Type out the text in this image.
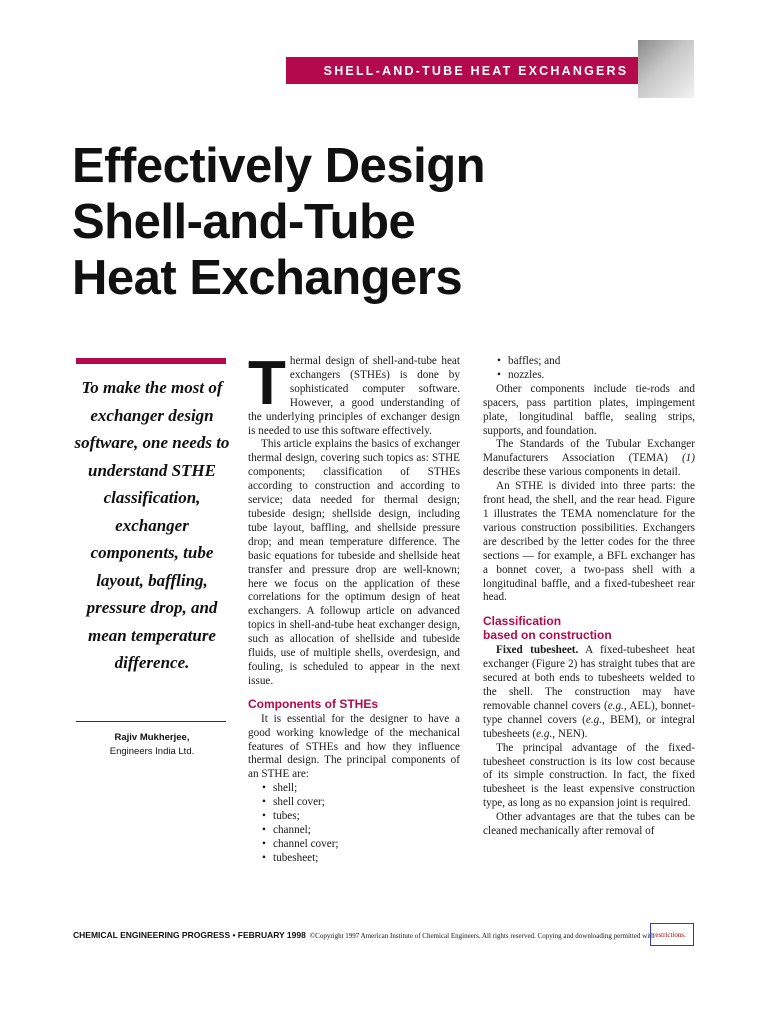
SHELL-AND-TUBE HEAT EXCHANGERS
Effectively Design
Shell-and-Tube
Heat Exchangers
To make the most of exchanger design software, one needs to understand STHE classification, exchanger components, tube layout, baffling, pressure drop, and mean temperature difference.
Rajiv Mukherjee,
Engineers India Ltd.

Thermal design of shell-and-tube heat exchangers (STHEs) is done by sophisticated computer software. However, a good understanding of the underlying principles of exchanger design is needed to use this software effectively.

This article explains the basics of exchanger thermal design, covering such topics as: STHE components; classification of STHEs according to construction and according to service; data needed for thermal design; tubeside design; shellside design, including tube layout, baffling, and shellside pressure drop; and mean temperature difference. The basic equations for tubeside and shellside heat transfer and pressure drop are well-known; here we focus on the application of these correlations for the optimum design of heat exchangers. A followup article on advanced topics in shell-and-tube heat exchanger design, such as allocation of shellside and tubeside fluids, use of multiple shells, overdesign, and fouling, is scheduled to appear in the next issue.

Components of STHEs

It is essential for the designer to have a good working knowledge of the mechanical features of STHEs and how they influence thermal design. The principal components of an STHE are:

• shell;
• shell cover;
• tubes;
• channel;
• channel cover;
• tubesheet;
• baffles; and
• nozzles.

Other components include tie-rods and spacers, pass partition plates, impingement plate, longitudinal baffle, sealing strips, supports, and foundation.

The Standards of the Tubular Exchanger Manufacturers Association (TEMA) (1) describe these various components in detail.

An STHE is divided into three parts: the front head, the shell, and the rear head. Figure 1 illustrates the TEMA nomenclature for the various construction possibilities. Exchangers are described by the letter codes for the three sections — for example, a BFL exchanger has a bonnet cover, a two-pass shell with a longitudinal baffle, and a fixed-tubesheet rear head.

Classification
based on construction

Fixed tubesheet. A fixed-tubesheet heat exchanger (Figure 2) has straight tubes that are secured at both ends to tubesheets welded to the shell. The construction may have removable channel covers (e.g., AEL), bonnet-type channel covers (e.g., BEM), or integral tubesheets (e.g., NEN).

The principal advantage of the fixed-tubesheet construction is its low cost because of its simple construction. In fact, the fixed tubesheet is the least expensive construction type, as long as no expansion joint is required.

Other advantages are that the tubes can be cleaned mechanically after removal of

CHEMICAL ENGINEERING PROGRESS • FEBRUARY 1998 ©Copyright 1997 American Institute of Chemical Engineers. All rights reserved. Copying and downloading permitted with
restrictions.
